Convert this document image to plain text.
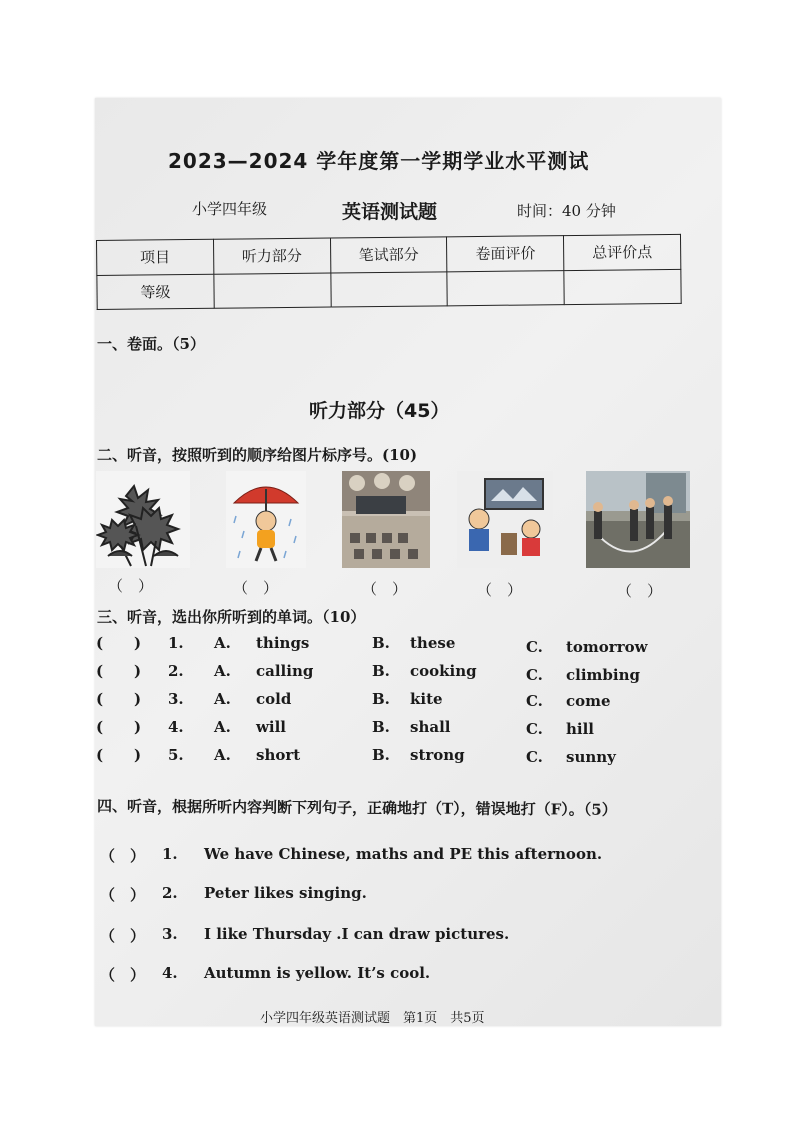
2023—2024 学年度第一学期学业水平测试
小学四年级	英语测试题	时间：40 分钟
项目	听力部分	笔试部分	卷面评价	总评价点
等级				
一、卷面。（5）
听力部分（45）
二、听音，按照听到的顺序给图片标序号。(10)
（　）	（　）	（　）	（　）	（　）
三、听音，选出你所听到的单词。（10）
( ) 1. A. things	B. these	C. tomorrow
( ) 2. A. calling	B. cooking	C. climbing
( ) 3. A. cold	B. kite	C. come
( ) 4. A. will	B. shall	C. hill
( ) 5. A. short	B. strong	C. sunny
四、听音，根据所听内容判断下列句子，正确地打（T），错误地打（F）。（5）
（　） 1. We have Chinese, maths and PE this afternoon.
（　） 2. Peter likes singing.
（　） 3. I like Thursday .I can draw pictures.
（　） 4. Autumn is yellow. It’s cool.
小学四年级英语测试题　第1页　共5页
